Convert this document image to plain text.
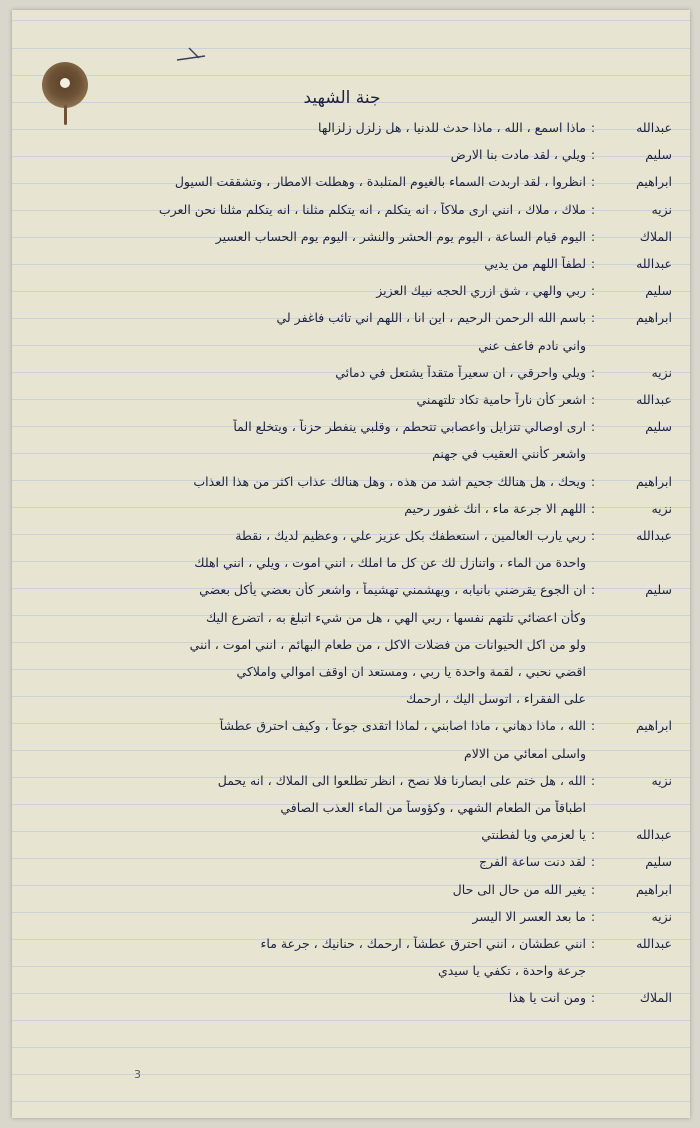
جنة الشهيد
عبدالله
:
ماذا اسمع ، الله ، ماذا حدث للدنيا ، هل زلزل زلزالها
سليم
:
ويلي ، لقد مادت بنا الارض
ابراهيم
:
انظروا ، لقد اربدت السماء بالغيوم المتلبدة ، وهطلت الامطار ، وتشققت السيول
نزيه
:
ملاك ، ملاك ، انني ارى ملاكاً ، انه يتكلم ، انه يتكلم مثلنا ، انه يتكلم مثلنا نحن العرب
الملاك
:
اليوم قيام الساعة ، اليوم يوم الحشر والنشر ، اليوم يوم الحساب العسير
عبدالله
:
لطفاً اللهم من يديي
سليم
:
ربي والهي ، شق ازري الحجه نبيك العزيز
ابراهيم
:
باسم الله الرحمن الرحيم ، اين انا ، اللهم اني تائب فاغفر لي
واني نادم فاعف عني
نزيه
:
ويلي واحرقي ، ان سعيراً متقداً يشتعل في دمائي
عبدالله
:
اشعر كأن ناراً حامية تكاد تلتهمني
سليم
:
ارى اوصالي تتزايل واعصابي تتحطم ، وقلبي ينفطر حزناً ، ويتخلع الماً
واشعر كأنني العقيب في جهنم
ابراهيم
:
ويحك ، هل هنالك جحيم اشد من هذه ، وهل هنالك عذاب اكثر من هذا العذاب
نزيه
:
اللهم الا جرعة ماء ، انك غفور رحيم
عبدالله
:
ربي يارب العالمين ، استعطفك بكل عزيز علي ، وعظيم لديك ، نقطة
واحدة من الماء ، واتنازل لك عن كل ما املك ، انني اموت ، ويلي ، انني اهلك
سليم
:
ان الجوع يقرضني بانيابه ، ويهشمني تهشيماً ، واشعر كأن بعضي يأكل بعضي
وكأن اعضائي تلتهم نفسها ، ربي الهي ، هل من شيء اتبلغ به ، اتضرع اليك
ولو من اكل الحيوانات من فضلات الاكل ، من طعام البهائم ، انني اموت ، انني
اقضي نحبي ، لقمة واحدة يا ربي ، ومستعد ان اوقف اموالي واملاكي
على الفقراء ، اتوسل اليك ، ارحمك
ابراهيم
:
الله ، ماذا دهاني ، ماذا اصابني ، لماذا اتقدى جوعاً ، وكيف احترق عطشاً
واسلى امعائي من الالام
نزيه
:
الله ، هل ختم على ابصارنا فلا نصح ، انظر تطلعوا الى الملاك ، انه يحمل
اطباقاً من الطعام الشهي ، وكؤوساً من الماء العذب الصافي
عبدالله
:
يا لعزمي ويا لفطنتي
سليم
:
لقد دنت ساعة الفرج
ابراهيم
:
يغير الله من حال الى حال
نزيه
:
ما بعد العسر الا اليسر
عبدالله
:
انني عطشان ، انني احترق عطشاً ، ارحمك ، حنانيك ، جرعة ماء
جرعة واحدة ، تكفي يا سيدي
الملاك
:
ومن انت يا هذا
3
